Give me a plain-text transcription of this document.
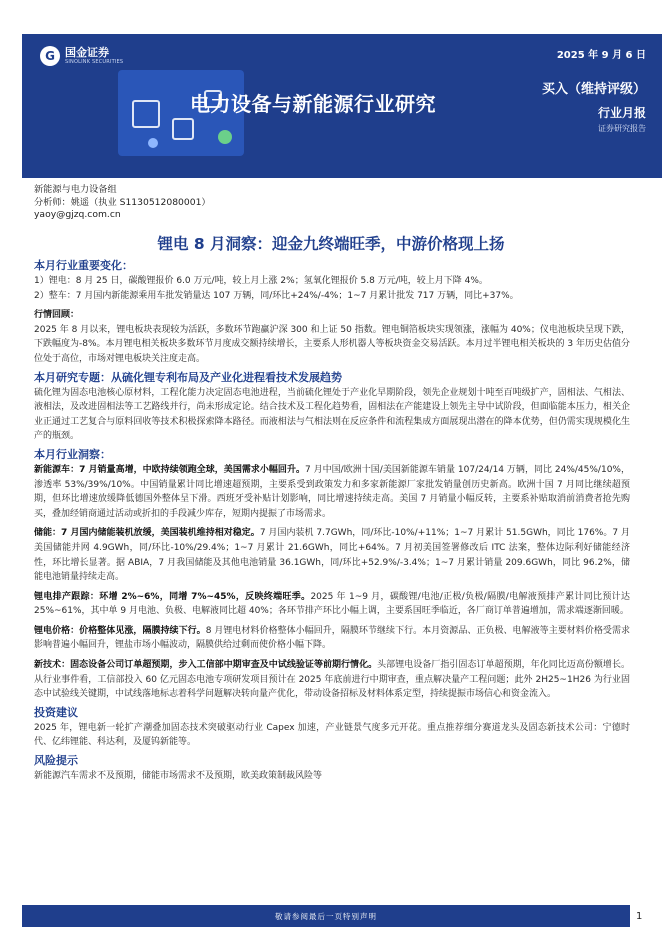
G 国金证券
SINOLINK SECURITIES
2025 年 9 月 6 日
电力设备与新能源行业研究
买入（维持评级）
行业月报
证券研究报告
新能源与电力设备组
分析师：姚遥（执业 S1130512080001）
yaoy@gjzq.com.cn
锂电 8 月洞察：迎金九终端旺季，中游价格现上扬
本月行业重要变化：
1）锂电：8 月 25 日，碳酸锂报价 6.0 万元/吨，较上月上涨 2%；氢氧化锂报价 5.8 万元/吨，较上月下降 4%。
2）整车：7 月国内新能源乘用车批发销量达 107 万辆，同/环比+24%/-4%；1~7 月累计批发 717 万辆，同比+37%。
行情回顾：
2025 年 8 月以来，锂电板块表现较为活跃，多数环节跑赢沪深 300 和上证 50 指数。锂电铜箔板块实现领涨，涨幅为 40%；仪电池板块呈现下跌，下跌幅度为-8%。本月锂电相关板块多数环节月度成交额持续增长，主要系人形机器人等板块资金交易活跃。本月过半锂电相关板块的 3 年历史估值分位处于高位，市场对锂电板块关注度走高。
本月研究专题：从硫化锂专利布局及产业化进程看技术发展趋势
硫化锂为固态电池核心原材料，工程化能力决定固态电池进程，当前硫化锂处于产业化早期阶段，领先企业规划十吨至百吨级扩产，固相法、气相法、液相法，及改进固相法等工艺路线并行，尚未形成定论。结合技术及工程化趋势看，固相法在产能建设上领先主导中试阶段，但面临能本压力，相关企业正通过工艺复合与原料回收等技术积极探索降本路径。而液相法与气相法则在反应条件和流程集成方面展现出潜在的降本优势，但仍需实现规模化生产的瓶颈。
本月行业洞察：
新能源车：7 月销量高增，中欧持续领跑全球，美国需求小幅回升。7 月中国/欧洲十国/美国新能源车销量 107/24/14 万辆，同比 24%/45%/10%，渗透率 53%/39%/10%。中国销量累计同比增速超预期，主要系受到政策发力和多家新能源厂家批发销量创历史新高。欧洲十国 7 月同比继续超预期，但环比增速放缓降低德国外整体呈下滑。西班牙受补贴计划影响，同比增速持续走高。美国 7 月销量小幅反转，主要系补贴取消前消费者抢先购买，叠加经销商通过活动或折扣的手段减少库存，短期内提振了市场需求。
储能：7 月国内储能装机放缓，美国装机维持相对稳定。7 月国内装机 7.7GWh，同/环比-10%/+11%；1~7 月累计 51.5GWh，同比 176%。7 月美国储能并网 4.9GWh，同/环比-10%/29.4%；1~7 月累计 21.6GWh，同比+64%。7 月初美国签署修改后 ITC 法案，整体边际利好储能经济性，环比增长显著。据 ABIA，7 月我国储能及其他电池销量 36.1GWh，同/环比+52.9%/-3.4%；1~7 月累计销量 209.6GWh，同比 96.2%，储能电池销量持续走高。
锂电排产跟踪：环增 2%~6%，同增 7%~45%，反映终端旺季。2025 年 1~9 月，碳酸锂/电池/正极/负极/隔膜/电解液预排产累计同比预计达 25%~61%，其中单 9 月电池、负极、电解液同比超 40%；各环节排产环比小幅上调，主要系国旺季临近，各厂商订单普遍增加，需求端逐渐回暖。
锂电价格：价格整体见涨，隔膜持续下行。8 月锂电材料价格整体小幅回升，隔膜环节继续下行。本月资源品、正负极、电解液等主要材料价格受需求影响普遍小幅回升，锂盐市场小幅波动，隔膜供给过剩而使价格小幅下降。
新技术：固态设备公司订单超预期，步入工信部中期审查及中试线验证等前期行情化。头部锂电设备厂指引固态订单超预期，年化同比迈高份额增长。从行业事件看，工信部投入 60 亿元固态电池专项研发项目预计在 2025 年底前进行中期审查，重点解决量产工程问题；此外 2H25~1H26 为行业固态中试验线关键期，中试线落地标志着科学问题解决转向量产优化，带动设备招标及材料体系定型，持续提振市场信心和资金流入。
投资建议
2025 年，锂电新一轮扩产潮叠加固态技术突破驱动行业 Capex 加速，产业链景气度多元开花。重点推荐细分赛道龙头及固态新技术公司：宁德时代、亿纬锂能、科达利，及厦钨新能等。
风险提示
新能源汽车需求不及预期，储能市场需求不及预期，欧美政策制裁风险等
敬请参阅最后一页特别声明	1
